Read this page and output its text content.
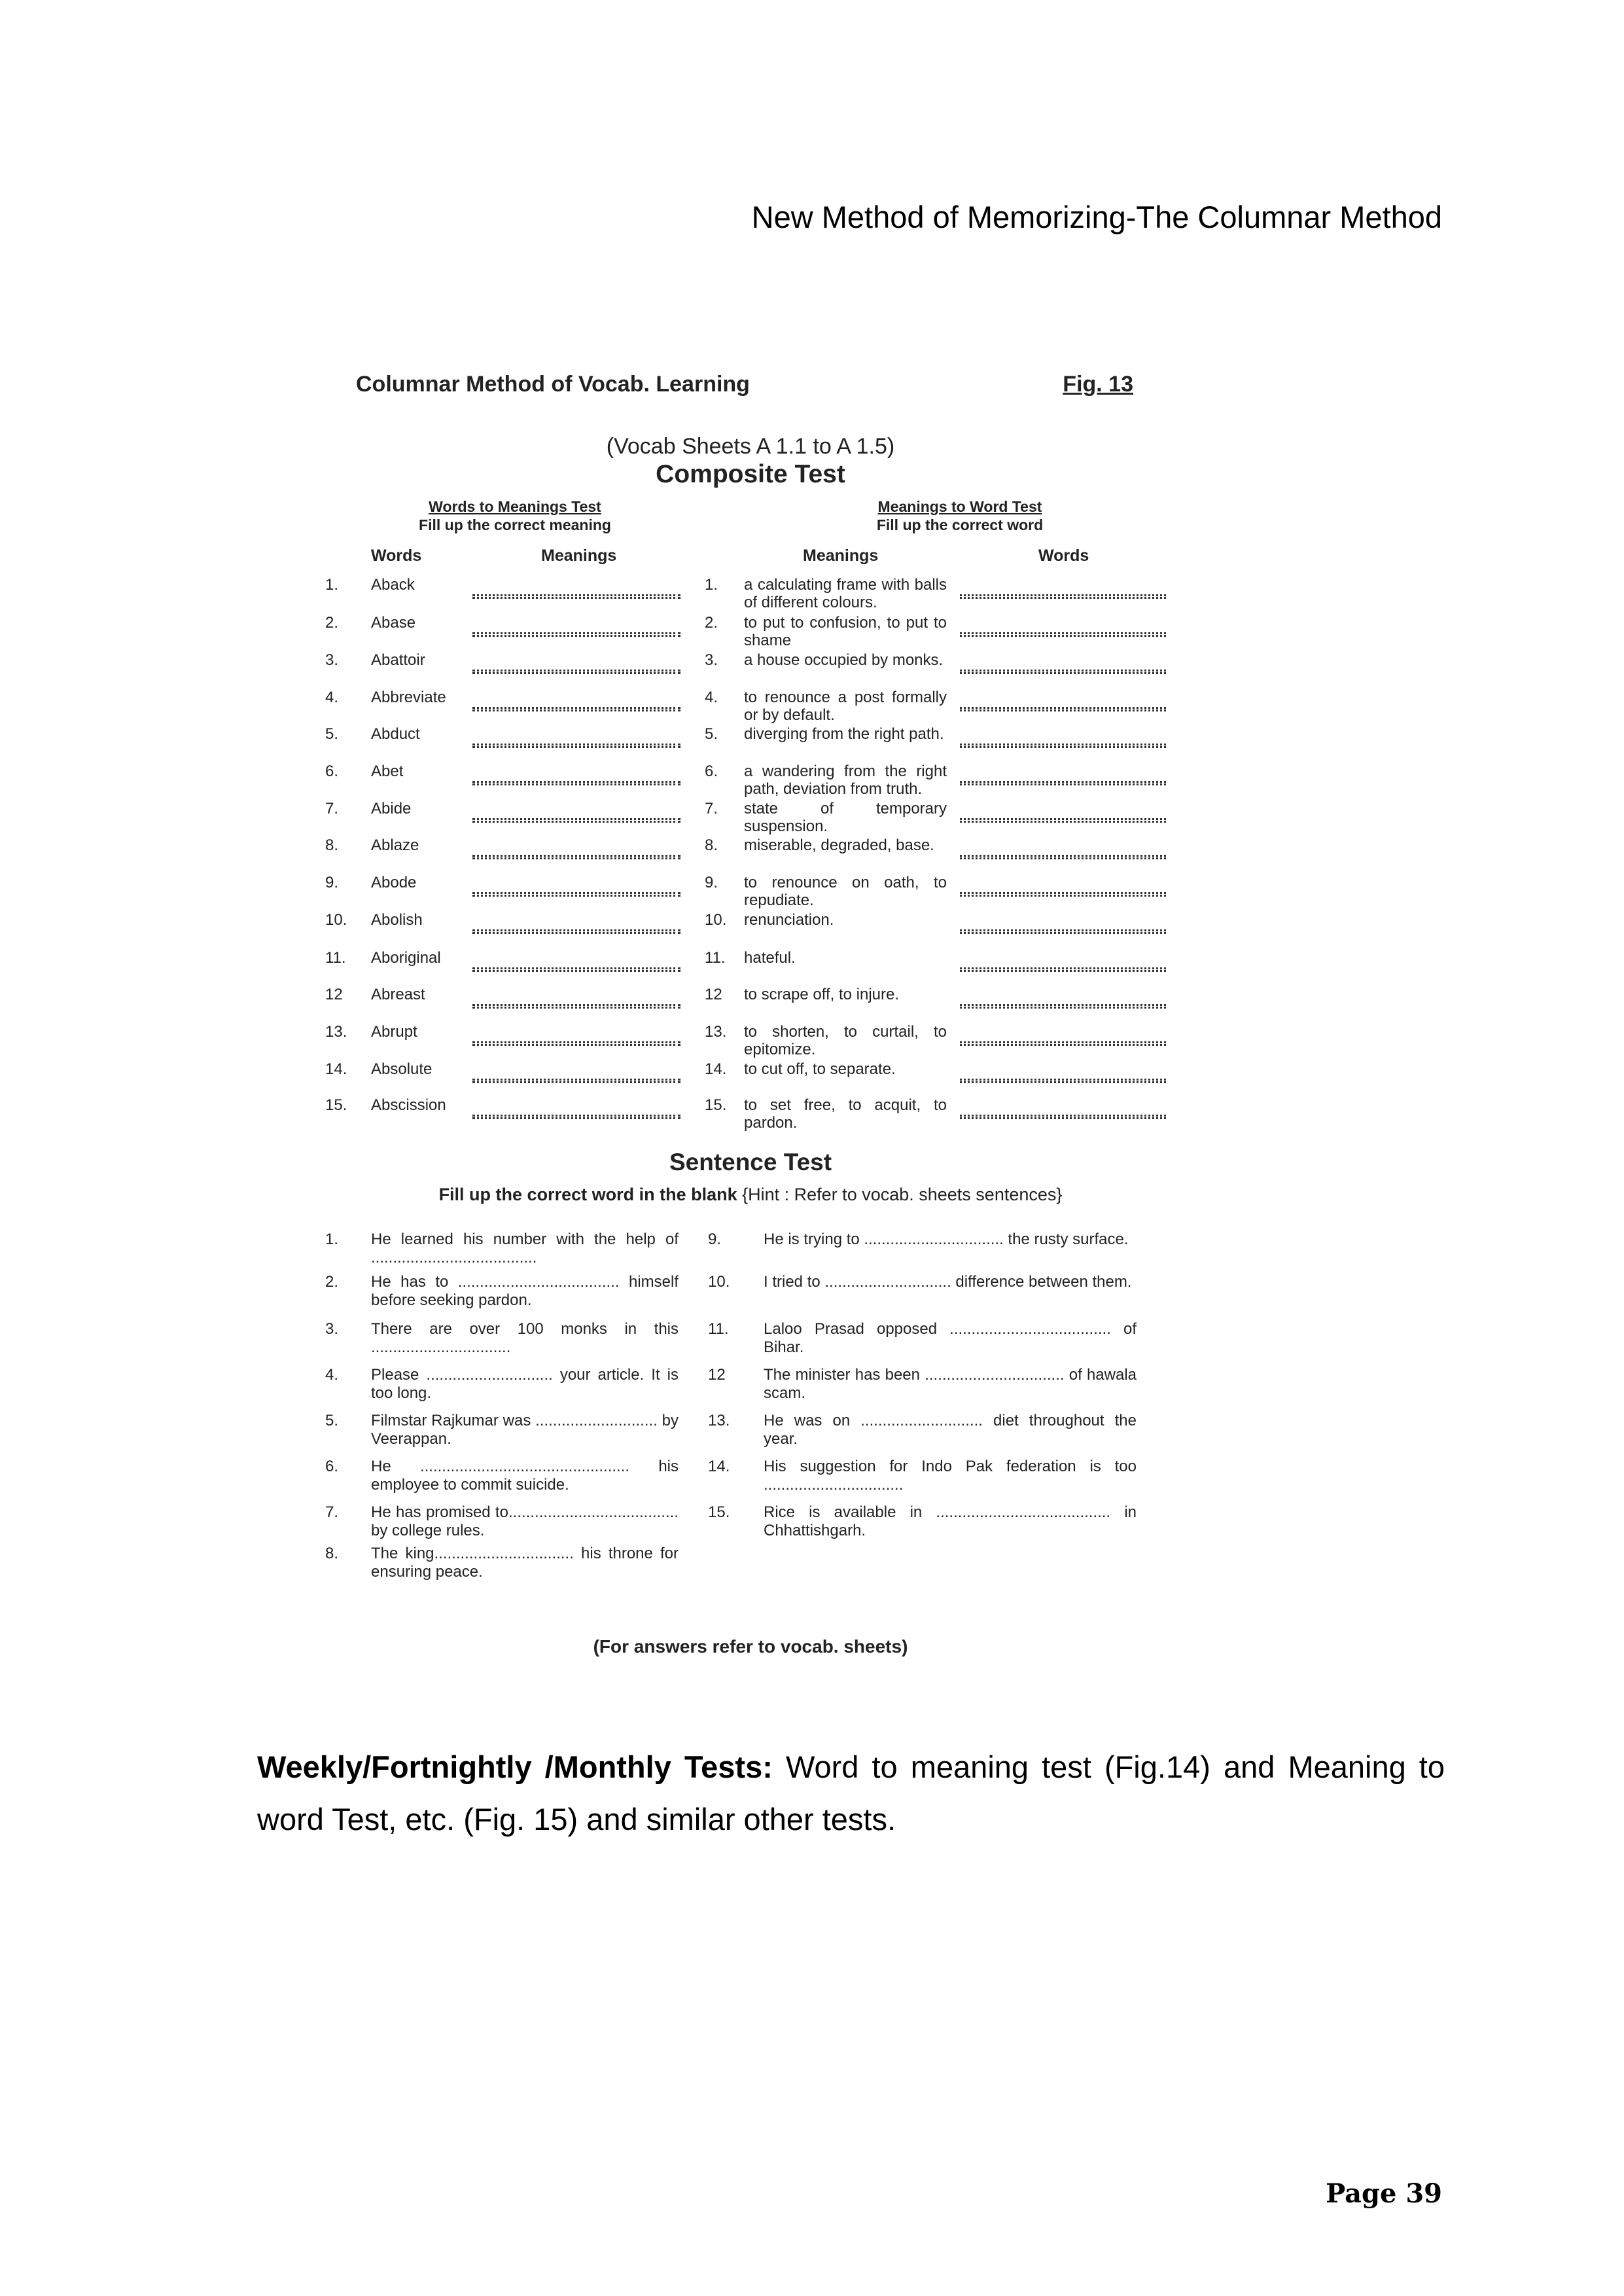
New Method of Memorizing-The Columnar Method
Columnar Method of Vocab. Learning	Fig. 13
(Vocab Sheets A 1.1 to A 1.5)
Composite Test
Words to Meanings Test
Fill up the correct meaning
Meanings to Word Test
Fill up the correct word
Words	Meanings	Meanings	Words
1. Aback	1. a calculating frame with balls of different colours.
2. Abase	2. to put to confusion, to put to shame
3. Abattoir	3. a house occupied by monks.
4. Abbreviate	4. to renounce a post formally or by default.
5. Abduct	5. diverging from the right path.
6. Abet	6. a wandering from the right path, deviation from truth.
7. Abide	7. state of temporary suspension.
8. Ablaze	8. miserable, degraded, base.
9. Abode	9. to renounce on oath, to repudiate.
10. Abolish	10. renunciation.
11. Aboriginal	11. hateful.
12 Abreast	12 to scrape off, to injure.
13. Abrupt	13. to shorten, to curtail, to epitomize.
14. Absolute	14. to cut off, to separate.
15. Abscission	15. to set free, to acquit, to pardon.
Sentence Test
Fill up the correct word in the blank {Hint : Refer to vocab. sheets sentences}
1. He learned his number with the help of ......................................
2. He has to ..................................... himself before seeking pardon.
3. There are over 100 monks in this ................................
4. Please ............................. your article. It is too long.
5. Filmstar Rajkumar was ............................ by Veerappan.
6. He ................................................ his employee to commit suicide.
7. He has promised to....................................... by college rules.
8. The king................................ his throne for ensuring peace.
9.	He is trying to ................................ the rusty surface.
10. I tried to ............................. difference between them.
11. Laloo Prasad opposed ..................................... of Bihar.
12 The minister has been ................................ of hawala scam.
13. He was on ............................ diet throughout the year.
14. His suggestion for Indo Pak federation is too ................................
15. Rice is available in ........................................ in Chhattishgarh.
(For answers refer to vocab. sheets)
Weekly/Fortnightly /Monthly Tests: Word to meaning test (Fig.14) and Meaning to word Test, etc. (Fig. 15) and similar other tests.
Page 39
